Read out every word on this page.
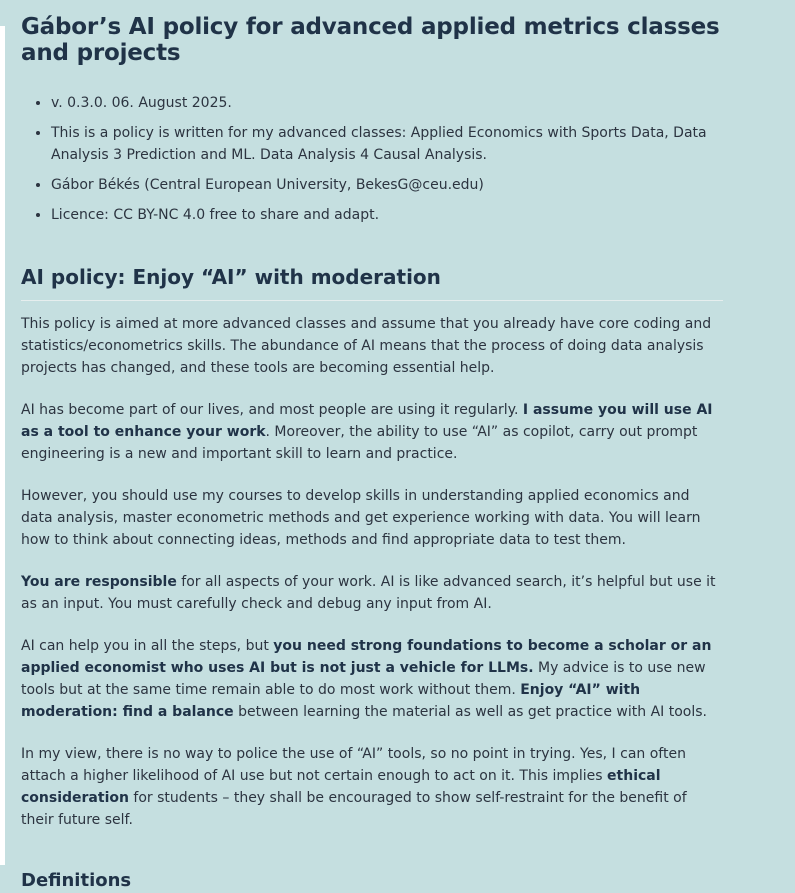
Gábor’s AI policy for advanced applied metrics classes and projects
• v. 0.3.0. 06. August 2025.
• This is a policy is written for my advanced classes: Applied Economics with Sports Data, Data Analysis 3 Prediction and ML. Data Analysis 4 Causal Analysis.
• Gábor Békés (Central European University, BekesG@ceu.edu)
• Licence: CC BY-NC 4.0 free to share and adapt.
AI policy: Enjoy “AI” with moderation

This policy is aimed at more advanced classes and assume that you already have core coding and statistics/econometrics skills. The abundance of AI means that the process of doing data analysis projects has changed, and these tools are becoming essential help.

AI has become part of our lives, and most people are using it regularly. I assume you will use AI as a tool to enhance your work. Moreover, the ability to use “AI” as copilot, carry out prompt engineering is a new and important skill to learn and practice.

However, you should use my courses to develop skills in understanding applied economics and data analysis, master econometric methods and get experience working with data. You will learn how to think about connecting ideas, methods and find appropriate data to test them.

You are responsible for all aspects of your work. AI is like advanced search, it’s helpful but use it as an input. You must carefully check and debug any input from AI.

AI can help you in all the steps, but you need strong foundations to become a scholar or an applied economist who uses AI but is not just a vehicle for LLMs. My advice is to use new tools but at the same time remain able to do most work without them. Enjoy “AI” with moderation: find a balance between learning the material as well as get practice with AI tools.

In my view, there is no way to police the use of “AI” tools, so no point in trying. Yes, I can often attach a higher likelihood of AI use but not certain enough to act on it. This implies ethical consideration for students – they shall be encouraged to show self-restraint for the benefit of their future self.

Definitions
